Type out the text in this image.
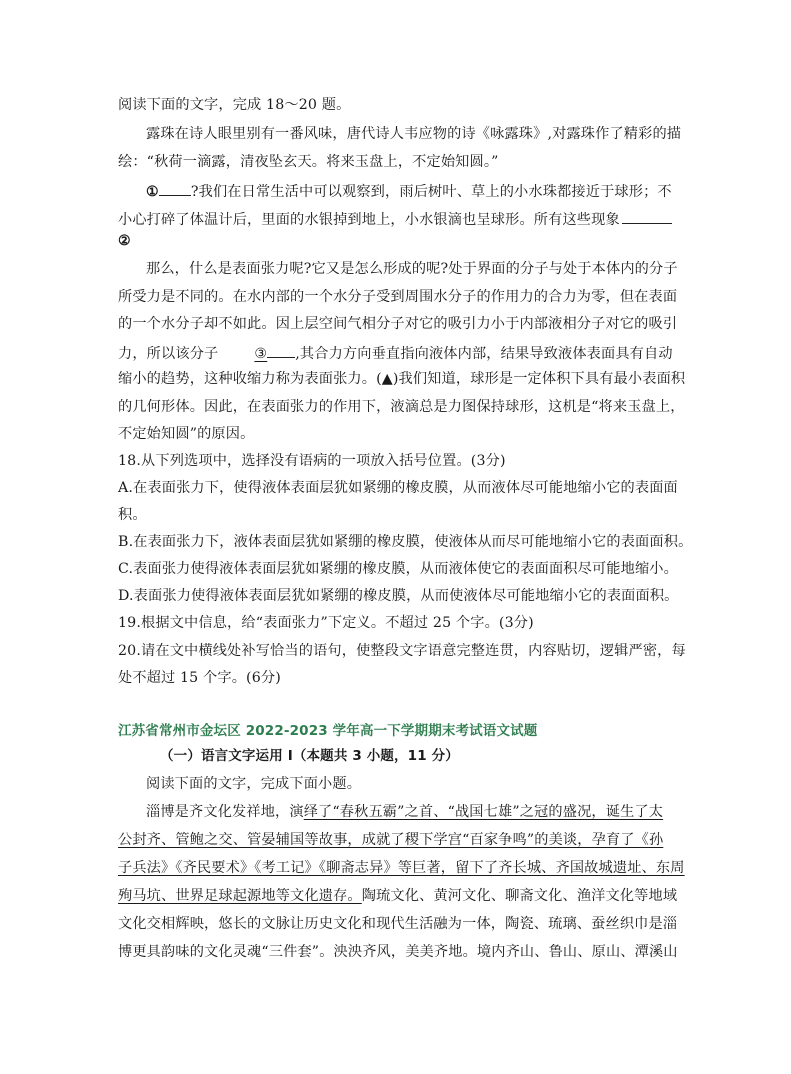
阅读下面的文字，完成 18～20 题。
露珠在诗人眼里别有一番风味，唐代诗人韦应物的诗《咏露珠》,对露珠作了精彩的描
绘：“秋荷一滴露，清夜坠玄天。将来玉盘上，不定始知圆。”
① ?我们在日常生活中可以观察到，雨后树叶、草上的小水珠都接近于球形；不
小心打碎了体温计后，里面的水银掉到地上，小水银滴也呈球形。所有这些现象
②
那么，什么是表面张力呢?它又是怎么形成的呢?处于界面的分子与处于本体内的分子
所受力是不同的。在水内部的一个水分子受到周围水分子的作用力的合力为零，但在表面
的一个水分子却不如此。因上层空间气相分子对它的吸引力小于内部液相分子对它的吸引
力，所以该分子	③ ,其合力方向垂直指向液体内部，结果导致液体表面具有自动
缩小的趋势，这种收缩力称为表面张力。(▲)我们知道，球形是一定体积下具有最小表面积
的几何形体。因此，在表面张力的作用下，液滴总是力图保持球形，这机是“将来玉盘上，
不定始知圆”的原因。
18.从下列选项中，选择没有语病的一项放入括号位置。(3分)
A.在表面张力下，使得液体表面层犹如紧绷的橡皮膜，从而液体尽可能地缩小它的表面面
积。
B.在表面张力下，液体表面层犹如紧绷的橡皮膜，使液体从而尽可能地缩小它的表面面积。
C.表面张力使得液体表面层犹如紧绷的橡皮膜，从而液体使它的表面面积尽可能地缩小。
D.表面张力使得液体表面层犹如紧绷的橡皮膜，从而使液体尽可能地缩小它的表面面积。
19.根据文中信息，给“表面张力”下定义。不超过 25 个字。(3分)
20.请在文中横线处补写恰当的语句，使整段文字语意完整连贯，内容贴切，逻辑严密，每
处不超过 15 个字。(6分)
江苏省常州市金坛区 2022-2023 学年高一下学期期末考试语文试题
（一）语言文字运用 I（本题共 3 小题，11 分）
阅读下面的文字，完成下面小题。
淄博是齐文化发祥地，演绎了“春秋五霸”之首、“战国七雄”之冠的盛况，诞生了太
公封齐、管鲍之交、管晏辅国等故事，成就了稷下学宫“百家争鸣”的美谈，孕育了《孙
子兵法》《齐民要术》《考工记》《聊斋志异》等巨著，留下了齐长城、齐国故城遗址、东周
殉马坑、世界足球起源地等文化遗存。陶琉文化、黄河文化、聊斋文化、渔洋文化等地域
文化交相辉映，悠长的文脉让历史文化和现代生活融为一体，陶瓷、琉璃、蚕丝织巾是淄
博更具韵味的文化灵魂“三件套”。泱泱齐风，美美齐地。境内齐山、鲁山、原山、潭溪山
